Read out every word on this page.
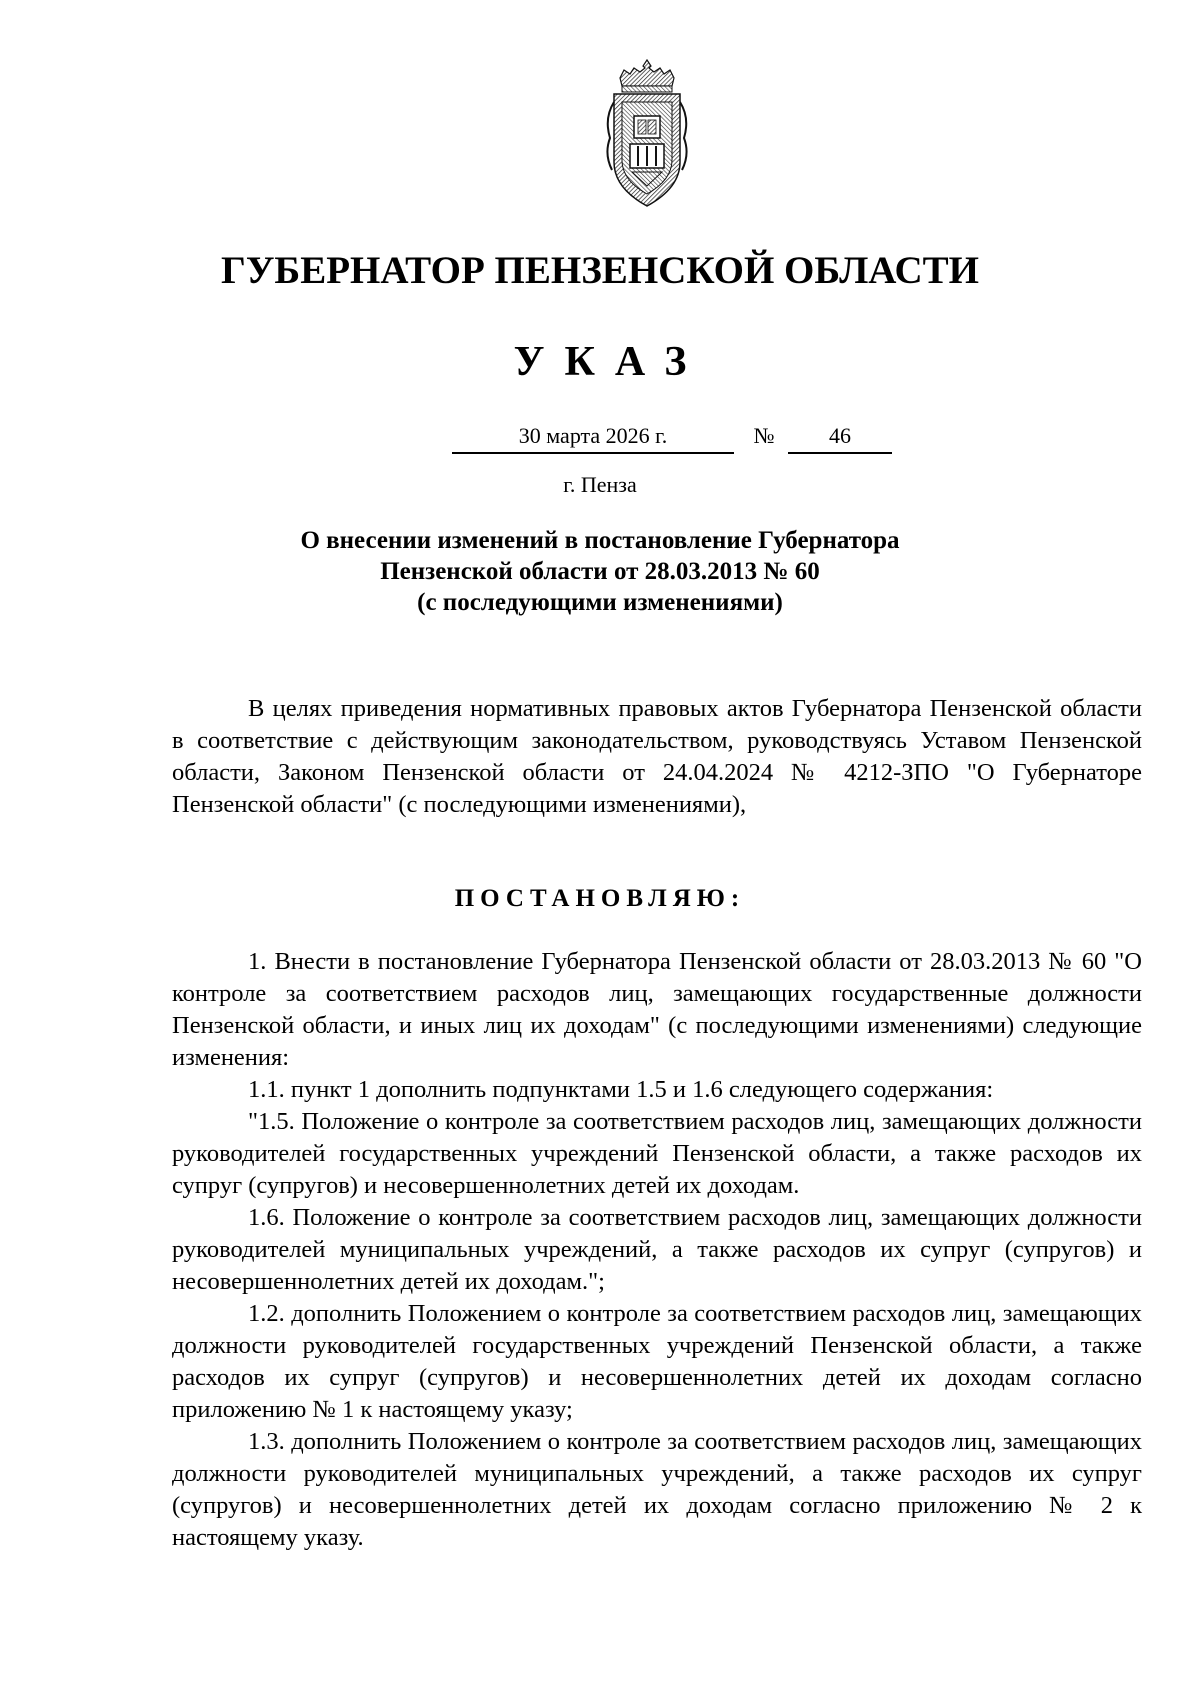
ГУБЕРНАТОР ПЕНЗЕНСКОЙ ОБЛАСТИ
УКАЗ
30 марта 2026 г.	№	46
г. Пенза
О внесении изменений в постановление Губернатора
Пензенской области от 28.03.2013 № 60
(с последующими изменениями)

В целях приведения нормативных правовых актов Губернатора Пензенской области в соответствие с действующим законодательством, руководствуясь Уставом Пензенской области, Законом Пензенской области от 24.04.2024 № 4212-ЗПО "О Губернаторе Пензенской области" (с последующими изменениями),

ПОСТАНОВЛЯЮ:

1. Внести в постановление Губернатора Пензенской области от 28.03.2013 № 60 "О контроле за соответствием расходов лиц, замещающих государственные должности Пензенской области, и иных лиц их доходам" (с последующими изменениями) следующие изменения:

1.1. пункт 1 дополнить подпунктами 1.5 и 1.6 следующего содержания:

"1.5. Положение о контроле за соответствием расходов лиц, замещающих должности руководителей государственных учреждений Пензенской области, а также расходов их супруг (супругов) и несовершеннолетних детей их доходам.

1.6. Положение о контроле за соответствием расходов лиц, замещающих должности руководителей муниципальных учреждений, а также расходов их супруг (супругов) и несовершеннолетних детей их доходам.";

1.2. дополнить Положением о контроле за соответствием расходов лиц, замещающих должности руководителей государственных учреждений Пензенской области, а также расходов их супруг (супругов) и несовершеннолетних детей их доходам согласно приложению № 1 к настоящему указу;

1.3. дополнить Положением о контроле за соответствием расходов лиц, замещающих должности руководителей муниципальных учреждений, а также расходов их супруг (супругов) и несовершеннолетних детей их доходам согласно приложению № 2 к настоящему указу.
